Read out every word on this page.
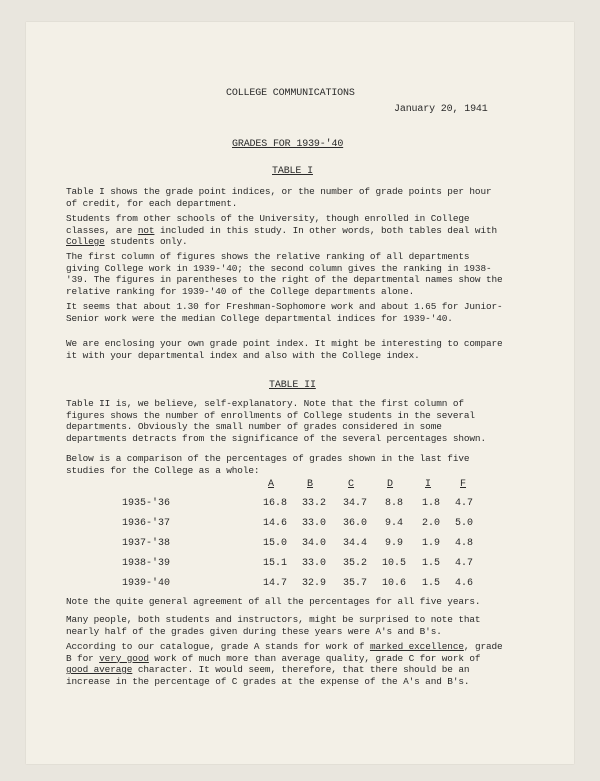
COLLEGE COMMUNICATIONS
January 20, 1941
GRADES FOR 1939-'40
TABLE I
Table I shows the grade point indices, or the number of grade points per hour of credit, for each department.
Students from other schools of the University, though enrolled in College classes, are not included in this study. In other words, both tables deal with College students only.
The first column of figures shows the relative ranking of all departments giving College work in 1939-'40; the second column gives the ranking in 1938-'39. The figures in parentheses to the right of the departmental names show the relative ranking for 1939-'40 of the College departments alone.
It seems that about 1.30 for Freshman-Sophomore work and about 1.65 for Junior-Senior work were the median College departmental indices for 1939-'40.
We are enclosing your own grade point index. It might be interesting to compare it with your departmental index and also with the College index.
TABLE II
Table II is, we believe, self-explanatory. Note that the first column of figures shows the number of enrollments of College students in the several departments. Obviously the small number of grades considered in some departments detracts from the significance of the several percentages shown.
Below is a comparison of the percentages of grades shown in the last five studies for the College as a whole:
A	B	C	D	I	F
1935-'36	16.8 33.2 34.7 8.8 1.8 4.7
1936-'37	14.6 33.0 36.0 9.4 2.0 5.0
1937-'38	15.0 34.0 34.4 9.9 1.9 4.8
1938-'39	15.1 33.0 35.2 10.5 1.5 4.7
1939-'40	14.7 32.9 35.7 10.6 1.5 4.6
Note the quite general agreement of all the percentages for all five years.
Many people, both students and instructors, might be surprised to note that nearly half of the grades given during these years were A's and B's.
According to our catalogue, grade A stands for work of marked excellence, grade B for very good work of much more than average quality, grade C for work of good average character. It would seem, therefore, that there should be an increase in the percentage of C grades at the expense of the A's and B's.
